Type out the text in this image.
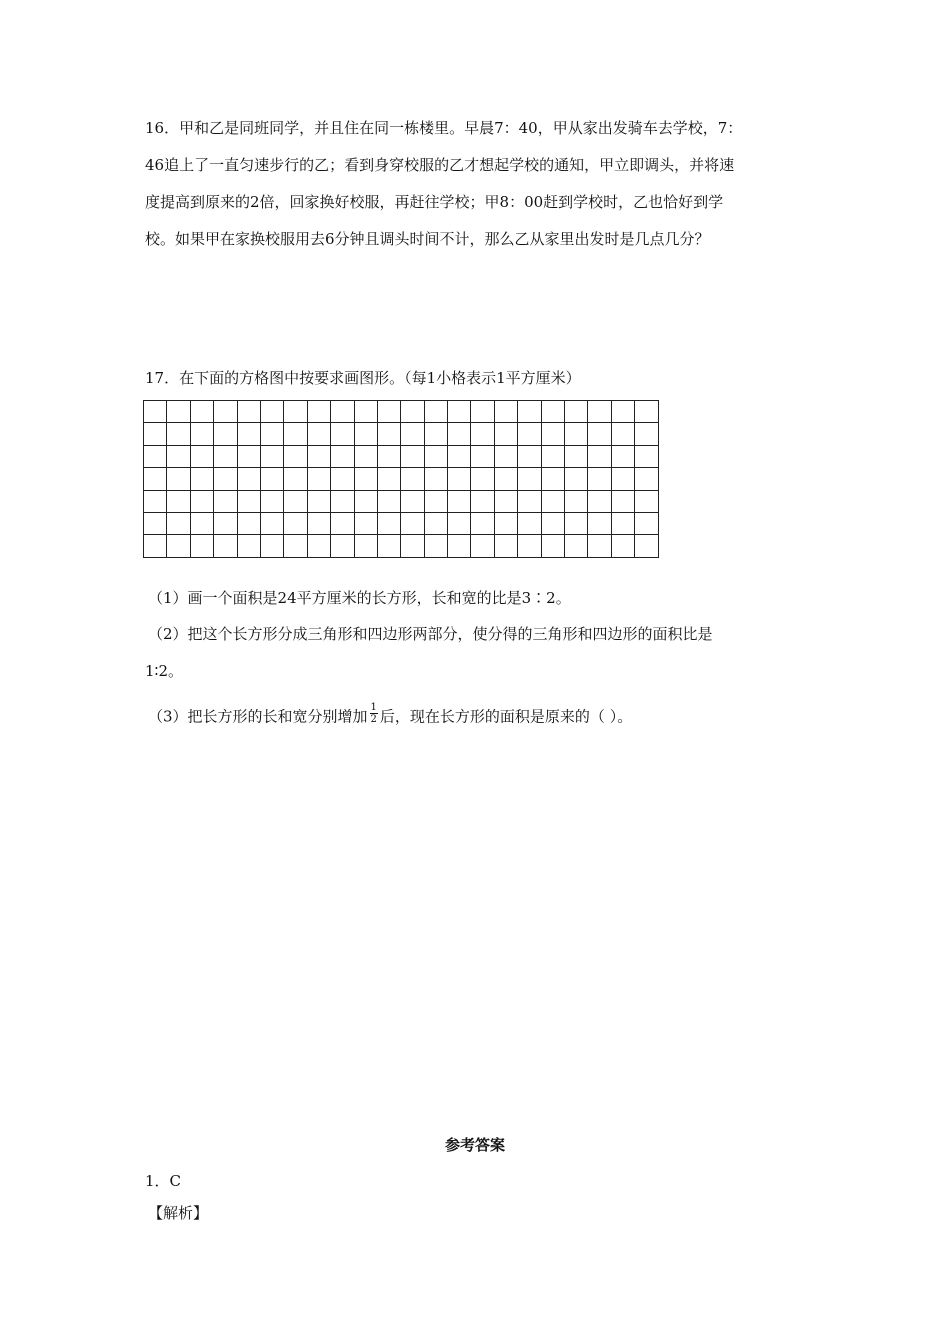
16．甲和乙是同班同学，并且住在同一栋楼里。早晨7：40，甲从家出发骑车去学校，7：
46追上了一直匀速步行的乙；看到身穿校服的乙才想起学校的通知，甲立即调头，并将速
度提高到原来的2倍，回家换好校服，再赶往学校；甲8：00赶到学校时，乙也恰好到学
校。如果甲在家换校服用去6分钟且调头时间不计，那么乙从家里出发时是几点几分？
17．在下面的方格图中按要求画图形。（每1小格表示1平方厘米）

（1）画一个面积是24平方厘米的长方形，长和宽的比是3∶2。
（2）把这个长方形分成三角形和四边形两部分，使分得的三角形和四边形的面积比是
1∶2。
（3）把长方形的长和宽分别增加 $\frac{1}{2}$ 后，现在长方形的面积是原来的（ ）。
参考答案
1．C
【解析】
